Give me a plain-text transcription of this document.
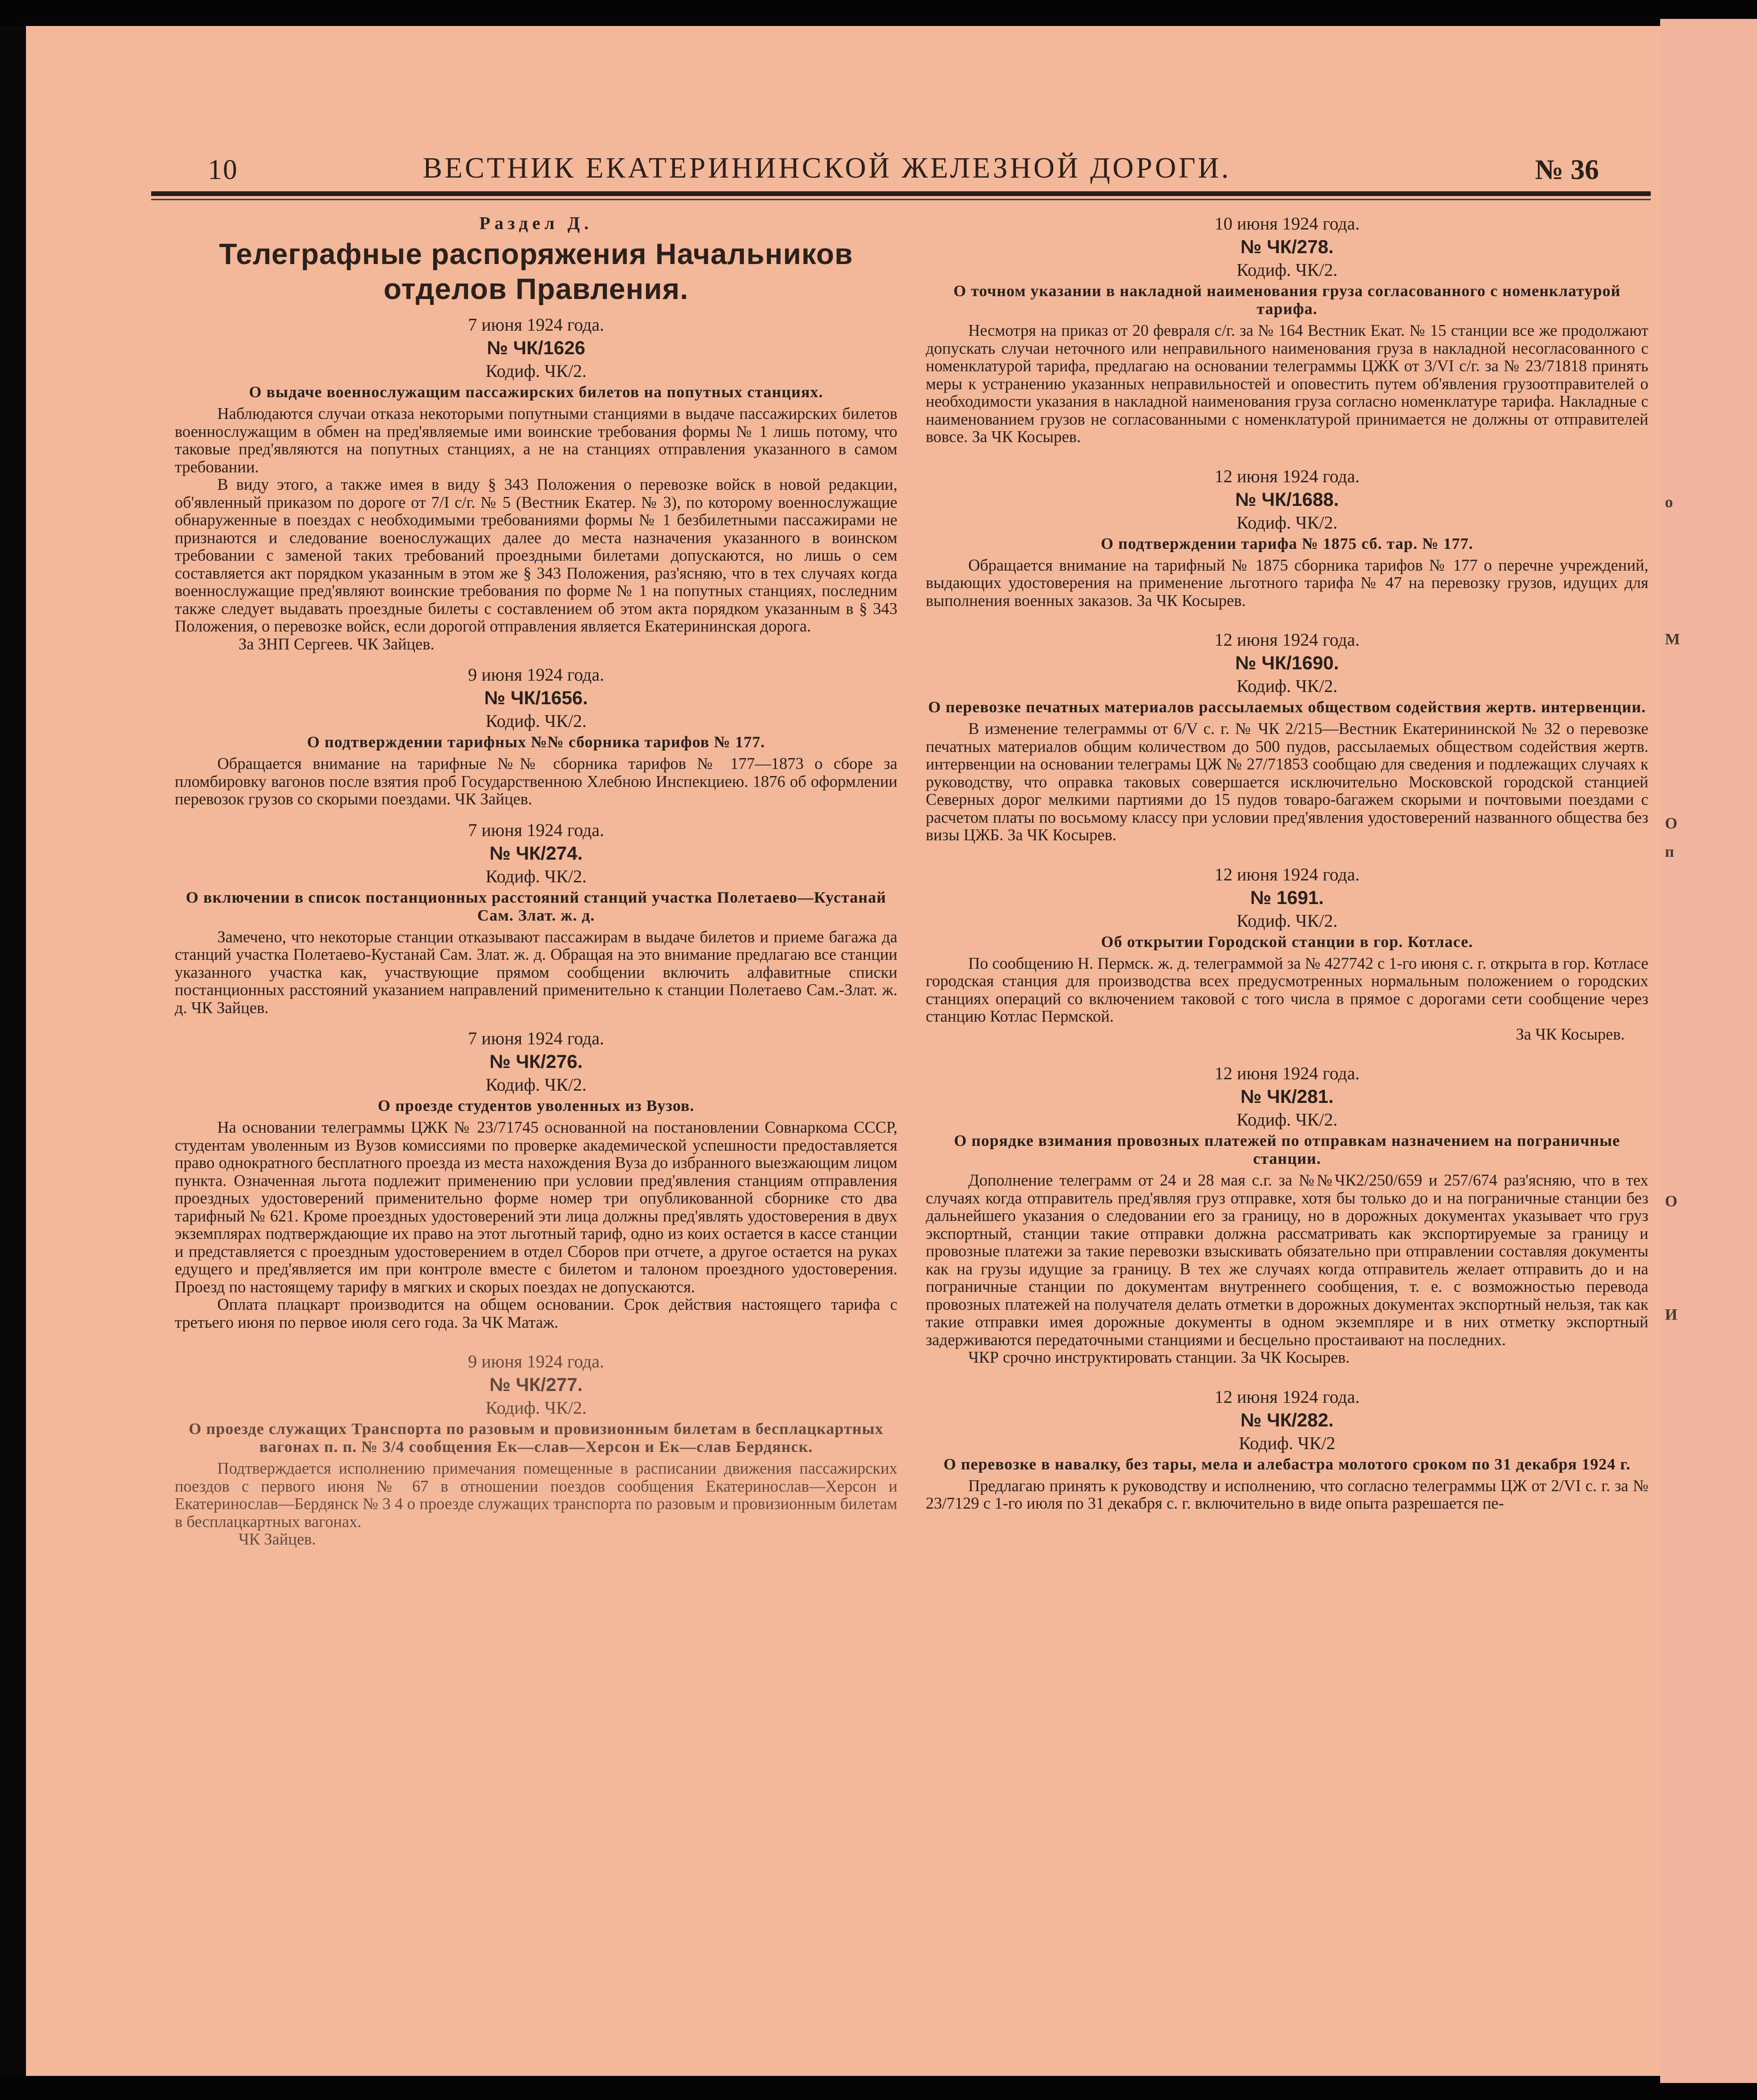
10	ВЕСТНИК ЕКАТЕРИНИНСКОЙ ЖЕЛЕЗНОЙ ДОРОГИ.	№ 36
Раздел Д.
Телеграфные распоряжения Начальников отделов Правления.
7 июня 1924 года.
№ ЧК/1626
Кодиф. ЧК/2.
О выдаче военнослужащим пассажирских билетов на попутных станциях.

Наблюдаются случаи отказа некоторыми попутными станциями в выдаче пассажирских билетов военнослужащим в обмен на пред'являемые ими воинские требования формы № 1 лишь потому, что таковые пред'являются на попутных станциях, а не на станциях отправления указанного в самом требовании.

В виду этого, а также имея в виду § 343 Положения о перевозке войск в новой редакции, об'явленный приказом по дороге от 7/I с/г. № 5 (Вестник Екатер. № 3), по которому военнослужащие обнаруженные в поездах с необходимыми требованиями формы № 1 безбилетными пассажирами не признаются и следование военослужащих далее до места назначения указанного в воинском требовании с заменой таких требований проездными билетами допускаются, но лишь о сем составляется акт порядком указанным в этом же § 343 Положения, раз'ясняю, что в тех случаях когда военнослужащие пред'являют воинские требования по форме № 1 на попутных станциях, последним также следует выдавать проездные билеты с составлением об этом акта порядком указанным в § 343 Положения, о перевозке войск, если дорогой отправления является Екатерининская дорога.

За ЗНП Сергеев. ЧК Зайцев.
9 июня 1924 года.
№ ЧК/1656.
Кодиф. ЧК/2.
О подтверждении тарифных №№ сборника тарифов № 177.

Обращается внимание на тарифные №№ сборника тарифов № 177—1873 о сборе за пломбировку вагонов после взятия проб Государственною Хлебною Инспекциею. 1876 об оформлении перевозок грузов со скорыми поездами. ЧК Зайцев.

7 июня 1924 года.
№ ЧК/274.
Кодиф. ЧК/2.
О включении в список постанционных расстояний станций участка Полетаево—Кустанай Сам. Злат. ж. д.

Замечено, что некоторые станции отказывают пассажирам в выдаче билетов и приеме багажа да станций участка Полетаево-Кустанай Сам. Злат. ж. д. Обращая на это внимание предлагаю все станции указанного участка как, участвующие прямом сообщении включить алфавитные списки постанционных расстояний указанием направлений применительно к станции Полетаево Сам.-Злат. ж. д. ЧК Зайцев.

7 июня 1924 года.
№ ЧК/276.
Кодиф. ЧК/2.
О проезде студентов уволенных из Вузов.

На основании телеграммы ЦЖК № 23/71745 основанной на постановлении Совнаркома СССР, студентам уволенным из Вузов комиссиями по проверке академической успешности предоставляется право однократного бесплатного проезда из места нахождения Вуза до избранного выезжающим лицом пункта. Означенная льгота подлежит применению при условии пред'явления станциям отправления проездных удостоверений применительно форме номер три опубликованной сборнике сто два тарифный № 621. Кроме проездных удостоверений эти лица должны пред'являть удостоверения в двух экземплярах подтверждающие их право на этот льготный тариф, одно из коих остается в кассе станции и представляется с проездным удостоверением в отдел Сборов при отчете, а другое остается на руках едущего и пред'является им при контроле вместе с билетом и талоном проездного удостоверения. Проезд по настоящему тарифу в мягких и скорых поездах не допускаются.

Оплата плацкарт производится на общем основании. Срок действия настоящего тарифа с третьего июня по первое июля сего года. За ЧК Матаж.

9 июня 1924 года.
№ ЧК/277.
Кодиф. ЧК/2.
О проезде служащих Транспорта по разовым и провизионным билетам в бесплацкартных вагонах п. п. № 3/4 сообщения Ек—слав—Херсон и Ек—слав Бердянск.

Подтверждается исполнению примечания помещенные в расписании движения пассажирских поездов с первого июня № 67 в отношении поездов сообщения Екатеринослав—Херсон и Екатеринослав—Бердянск № 3 4 о проезде служащих транспорта по разовым и провизионным билетам в бесплацкартных вагонах.

ЧК Зайцев.
10 июня 1924 года.
№ ЧК/278.
Кодиф. ЧК/2.
О точном указании в накладной наименования груза согласованного с номенклатурой тарифа.

Несмотря на приказ от 20 февраля с/г. за № 164 Вестник Екат. № 15 станции все же продолжают допускать случаи неточного или неправильного наименования груза в накладной несогласованного с номенклатурой тарифа, предлагаю на основании телеграммы ЦЖК от 3/VI с/г. за № 23/71818 принять меры к устранению указанных неправильностей и оповестить путем об'явления грузоотправителей о необходимости указания в накладной наименования груза согласно номенклатуре тарифа. Накладные с наименованием грузов не согласованными с номенклатурой принимается не должны от отправителей вовсе. За ЧК Косырев.

12 июня 1924 года.
№ ЧК/1688.
Кодиф. ЧК/2.
О подтверждении тарифа № 1875 сб. тар. № 177.

Обращается внимание на тарифный № 1875 сборника тарифов № 177 о перечне учреждений, выдающих удостоверения на применение льготного тарифа № 47 на перевозку грузов, идущих для выполнения военных заказов. За ЧК Косырев.

12 июня 1924 года.
№ ЧК/1690.
Кодиф. ЧК/2.
О перевозке печатных материалов рассылаемых обществом содействия жертв. интервенции.

В изменение телеграммы от 6/V с. г. № ЧК 2/215—Вестник Екатерининской № 32 о перевозке печатных материалов общим количеством до 500 пудов, рассылаемых обществом содействия жертв. интервенции на основании телеграмы ЦЖ № 27/71853 сообщаю для сведения и подлежащих случаях к руководству, что оправка таковых совершается исключительно Московской городской станцией Северных дорог мелкими партиями до 15 пудов товаро-багажем скорыми и почтовыми поездами с расчетом платы по восьмому классу при условии пред'явления удостоверений названного общества без визы ЦЖБ. За ЧК Косырев.

12 июня 1924 года.
№ 1691.
Кодиф. ЧК/2.
Об открытии Городской станции в гор. Котласе.

По сообщению Н. Пермск. ж. д. телеграммой за № 427742 с 1-го июня с. г. открыта в гор. Котласе городская станция для производства всех предусмотренных нормальным положением о городских станциях операций со включением таковой с того числа в прямое с дорогами сети сообщение через станцию Котлас Пермской.

За ЧК Косырев.
12 июня 1924 года.
№ ЧК/281.
Кодиф. ЧК/2.
О порядке взимания провозных платежей по отправкам назначением на пограничные станции.

Дополнение телеграмм от 24 и 28 мая с.г. за №№ЧК2/250/659 и 257/674 раз'ясняю, что в тех случаях когда отправитель пред'являя груз отправке, хотя бы только до и на пограничные станции без дальнейшего указания о следовании его за границу, но в дорожных документах указывает что груз экспортный, станции такие отправки должна рассматривать как экспортируемые за границу и провозные платежи за такие перевозки взыскивать обязательно при отправлении составляя документы как на грузы идущие за границу. В тех же случаях когда отправитель желает отправить до и на пограничные станции по документам внутреннего сообщения, т. е. с возможностью перевода провозных платежей на получателя делать отметки в дорожных документах экспортный нельзя, так как такие отправки имея дорожные документы в одном экземпляре и в них отметку экспортный задерживаются передаточными станциями и бесцельно простаивают на последних.

ЧКР срочно инструктировать станции. За ЧК Косырев.

12 июня 1924 года.
№ ЧК/282.
Кодиф. ЧК/2
О перевозке в навалку, без тары, мела и алебастра молотого сроком по 31 декабря 1924 г.

Предлагаю принять к руководству и исполнению, что согласно телеграммы ЦЖ от 2/VI с. г. за № 23/7129 с 1-го июля по 31 декабря с. г. включительно в виде опыта разрешается пе-

о
М
О
п
О
И
